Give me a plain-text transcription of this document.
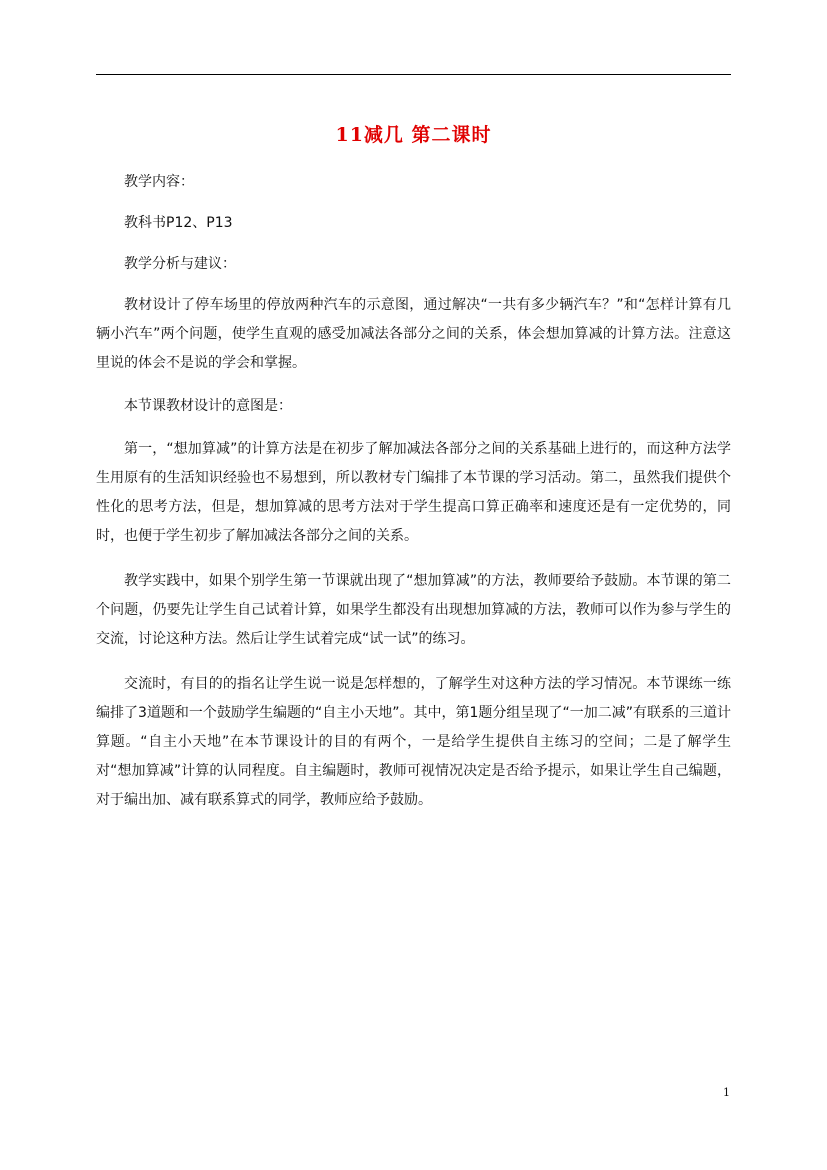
11减几 第二课时

教学内容：

教科书P12、P13

教学分析与建议：

教材设计了停车场里的停放两种汽车的示意图，通过解决“一共有多少辆汽车？”和“怎样计算有几辆小汽车”两个问题，使学生直观的感受加减法各部分之间的关系，体会想加算减的计算方法。注意这里说的体会不是说的学会和掌握。

本节课教材设计的意图是：

第一，“想加算减”的计算方法是在初步了解加减法各部分之间的关系基础上进行的，而这种方法学生用原有的生活知识经验也不易想到，所以教材专门编排了本节课的学习活动。第二，虽然我们提供个性化的思考方法，但是，想加算减的思考方法对于学生提高口算正确率和速度还是有一定优势的，同时，也便于学生初步了解加减法各部分之间的关系。

教学实践中，如果个别学生第一节课就出现了“想加算减”的方法，教师要给予鼓励。本节课的第二个问题，仍要先让学生自己试着计算，如果学生都没有出现想加算减的方法，教师可以作为参与学生的交流，讨论这种方法。然后让学生试着完成“试一试”的练习。

交流时，有目的的指名让学生说一说是怎样想的，了解学生对这种方法的学习情况。本节课练一练编排了3道题和一个鼓励学生编题的“自主小天地”。其中，第1题分组呈现了“一加二减”有联系的三道计算题。“自主小天地”在本节课设计的目的有两个，一是给学生提供自主练习的空间；二是了解学生对“想加算减”计算的认同程度。自主编题时，教师可视情况决定是否给予提示，如果让学生自己编题，对于编出加、减有联系算式的同学，教师应给予鼓励。

1
